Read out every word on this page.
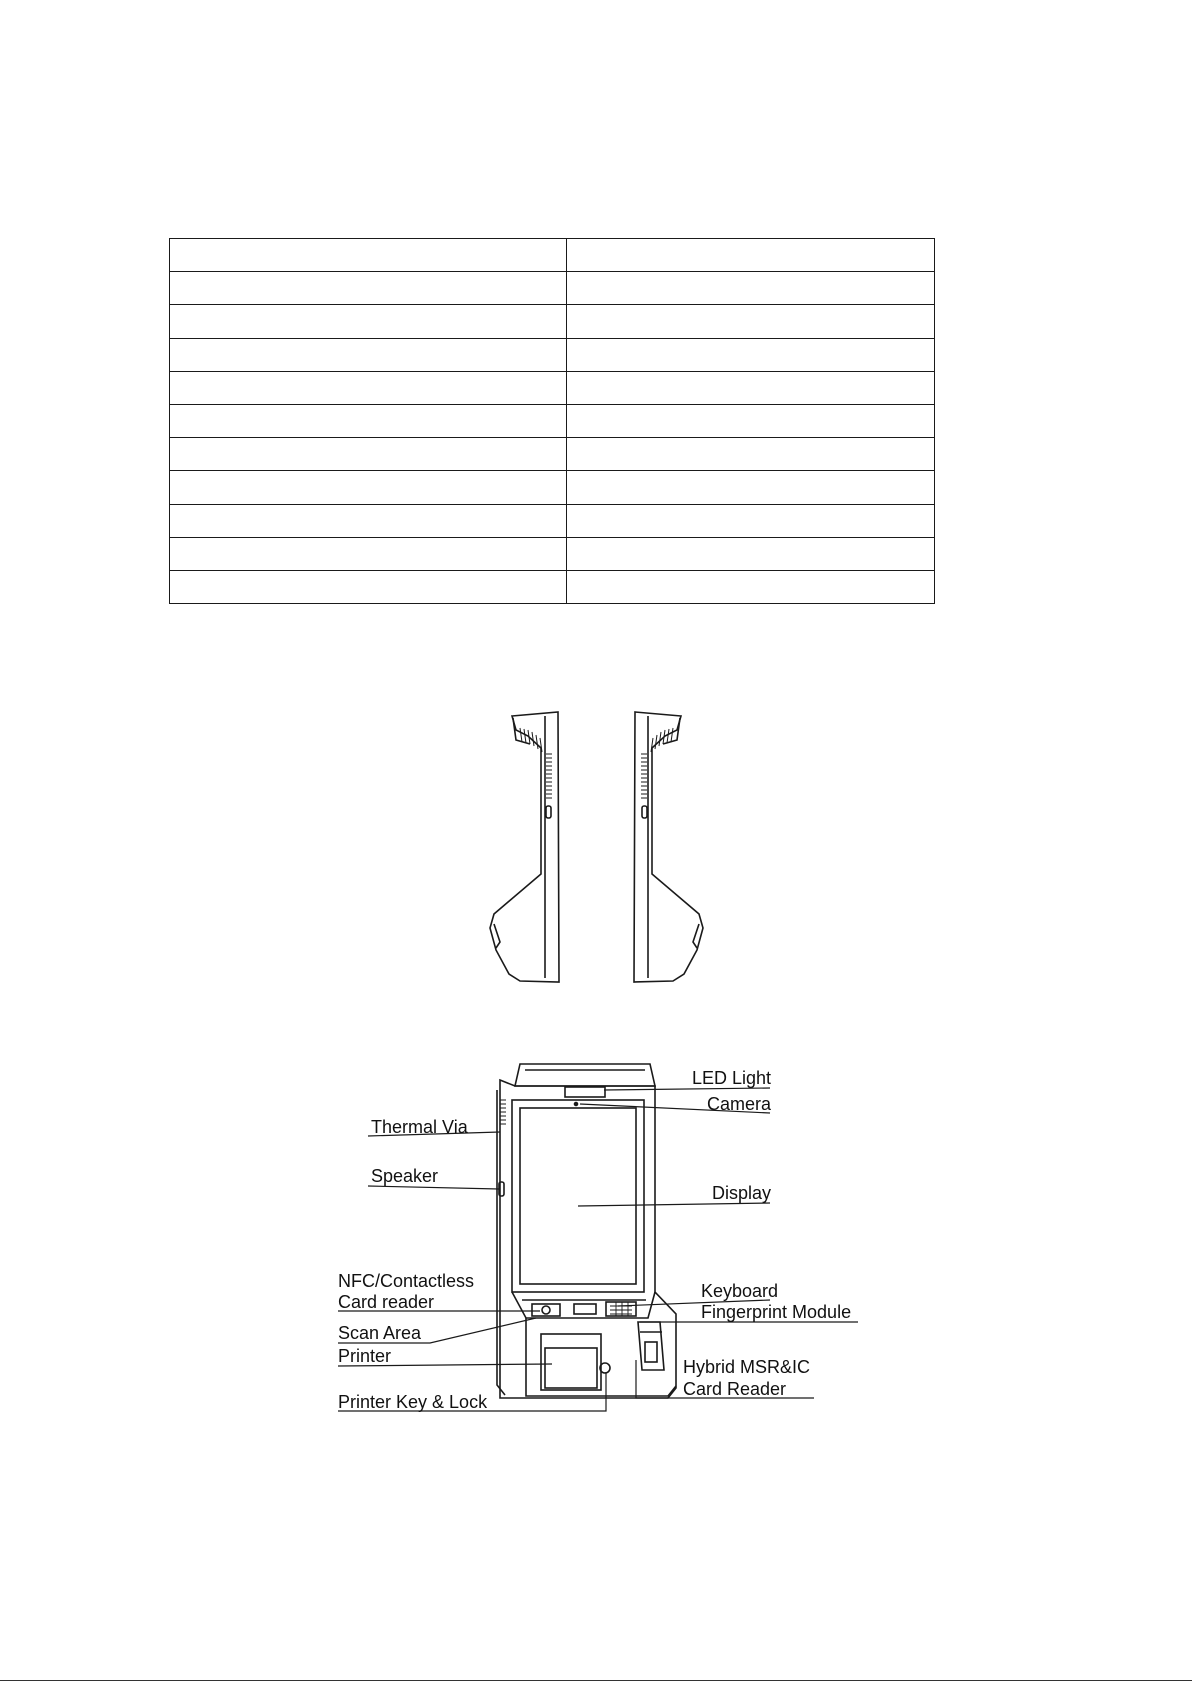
LED Light
Camera
Thermal Via
Speaker
Display
NFC/Contactless
Card reader
Keyboard
Fingerprint Module
Scan Area
Printer
Hybrid MSR&IC
Card Reader
Printer Key & Lock
